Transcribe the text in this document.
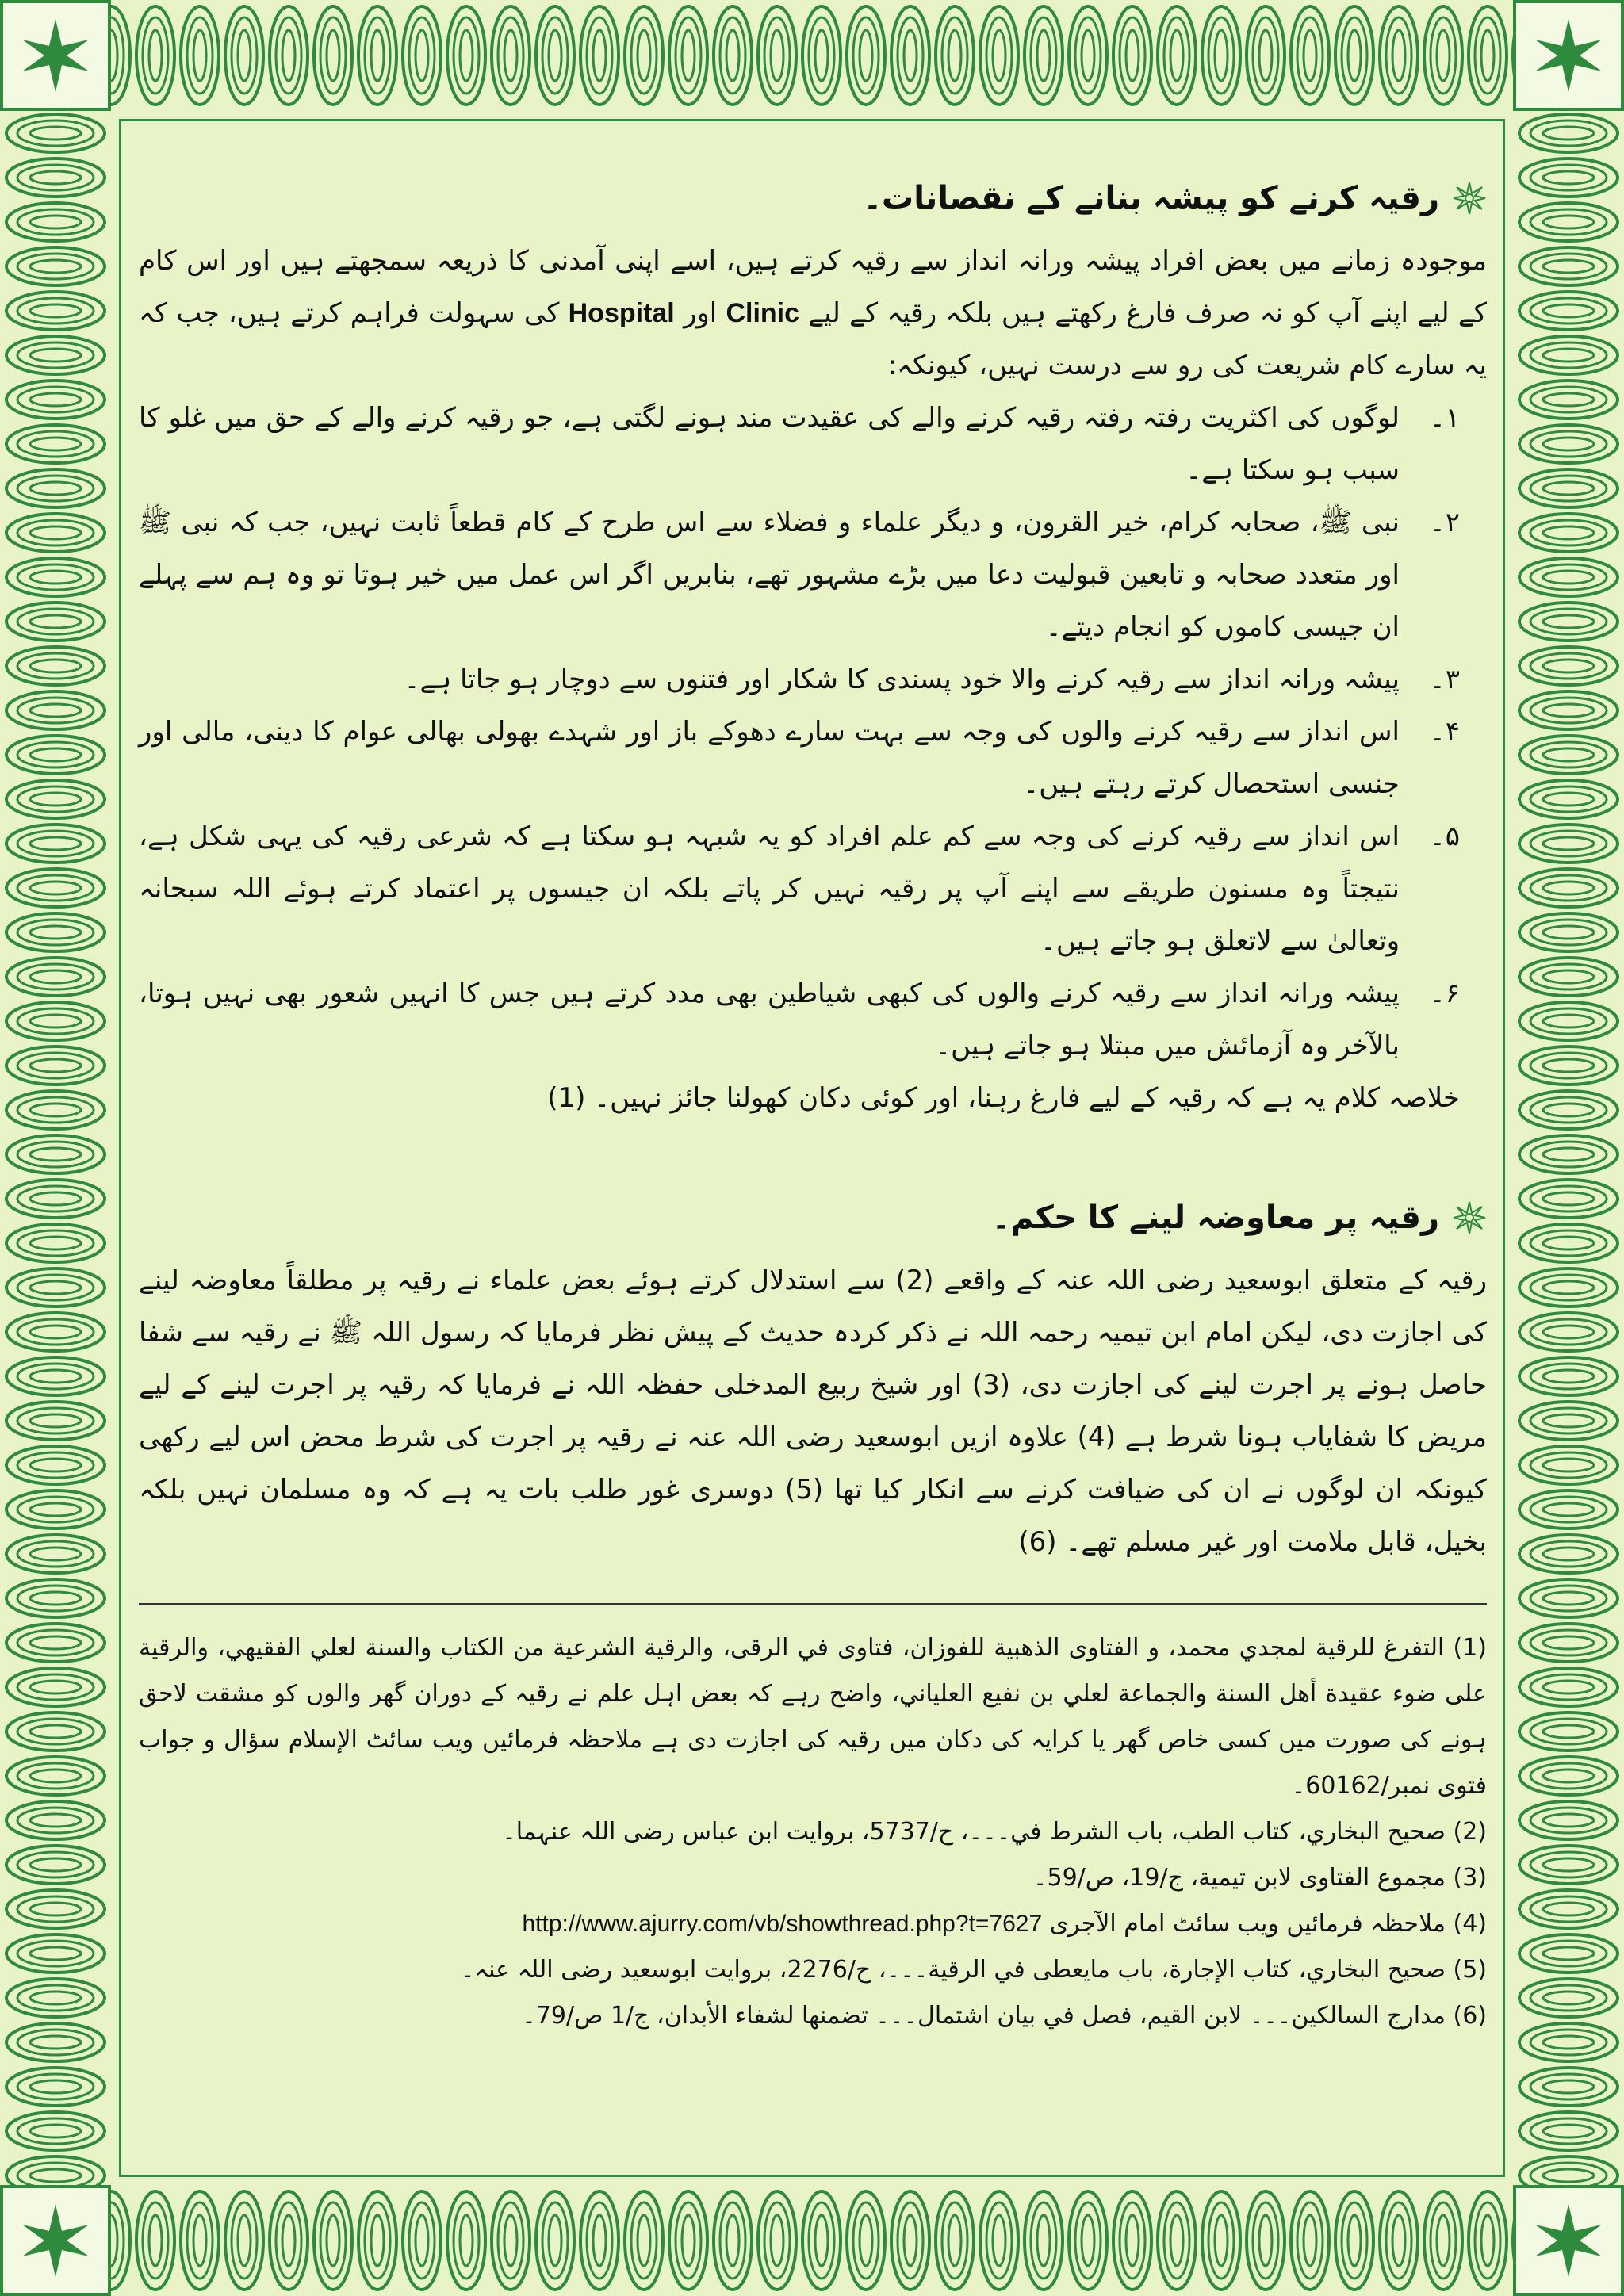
رقیہ کرنے کو پیشہ بنانے کے نقصانات۔

موجودہ زمانے میں بعض افراد پیشہ ورانہ انداز سے رقیہ کرتے ہیں، اسے اپنی آمدنی کا ذریعہ سمجھتے ہیں اور اس کام کے لیے اپنے آپ کو نہ صرف فارغ رکھتے ہیں بلکہ رقیہ کے لیے Clinic اور Hospital کی سہولت فراہم کرتے ہیں، جب کہ یہ سارے کام شریعت کی رو سے درست نہیں، کیونکہ:

۱۔
لوگوں کی اکثریت رفتہ رفتہ رقیہ کرنے والے کی عقیدت مند ہونے لگتی ہے، جو رقیہ کرنے والے کے حق میں غلو کا سبب ہو سکتا ہے۔
۲۔
نبی ﷺ، صحابہ کرام، خیر القرون، و دیگر علماء و فضلاء سے اس طرح کے کام قطعاً ثابت نہیں، جب کہ نبی ﷺ اور متعدد صحابہ و تابعین قبولیت دعا میں بڑے مشہور تھے، بنابریں اگر اس عمل میں خیر ہوتا تو وہ ہم سے پہلے ان جیسی کاموں کو انجام دیتے۔
۳۔
پیشہ ورانہ انداز سے رقیہ کرنے والا خود پسندی کا شکار اور فتنوں سے دوچار ہو جاتا ہے۔
۴۔
اس انداز سے رقیہ کرنے والوں کی وجہ سے بہت سارے دھوکے باز اور شہدے بھولی بھالی عوام کا دینی، مالی اور جنسی استحصال کرتے رہتے ہیں۔
۵۔
اس انداز سے رقیہ کرنے کی وجہ سے کم علم افراد کو یہ شبہہ ہو سکتا ہے کہ شرعی رقیہ کی یہی شکل ہے، نتیجتاً وہ مسنون طریقے سے اپنے آپ پر رقیہ نہیں کر پاتے بلکہ ان جیسوں پر اعتماد کرتے ہوئے اللہ سبحانہ وتعالیٰ سے لاتعلق ہو جاتے ہیں۔
۶۔
پیشہ ورانہ انداز سے رقیہ کرنے والوں کی کبھی شیاطین بھی مدد کرتے ہیں جس کا انہیں شعور بھی نہیں ہوتا، بالآخر وہ آزمائش میں مبتلا ہو جاتے ہیں۔

خلاصہ کلام یہ ہے کہ رقیہ کے لیے فارغ رہنا، اور کوئی دکان کھولنا جائز نہیں۔ (1)

رقیہ پر معاوضہ لینے کا حکم۔

رقیہ کے متعلق ابوسعید رضی اللہ عنہ کے واقعے (2) سے استدلال کرتے ہوئے بعض علماء نے رقیہ پر مطلقاً معاوضہ لینے کی اجازت دی، لیکن امام ابن تیمیہ رحمہ اللہ نے ذکر کردہ حدیث کے پیش نظر فرمایا کہ رسول اللہ ﷺ نے رقیہ سے شفا حاصل ہونے پر اجرت لینے کی اجازت دی، (3) اور شیخ ربیع المدخلی حفظہ اللہ نے فرمایا کہ رقیہ پر اجرت لینے کے لیے مریض کا شفایاب ہونا شرط ہے (4) علاوہ ازیں ابوسعید رضی اللہ عنہ نے رقیہ پر اجرت کی شرط محض اس لیے رکھی کیونکہ ان لوگوں نے ان کی ضیافت کرنے سے انکار کیا تھا (5) دوسری غور طلب بات یہ ہے کہ وہ مسلمان نہیں بلکہ بخیل، قابل ملامت اور غیر مسلم تھے۔ (6)

(1) التفرغ للرقية لمجدي محمد، و الفتاوى الذهبية للفوزان، فتاوى في الرقى، والرقية الشرعية من الكتاب والسنة لعلي الفقيهي، والرقية على ضوء عقيدة أهل السنة والجماعة لعلي بن نفيع العلياني، واضح رہے کہ بعض اہل علم نے رقیہ کے دوران گھر والوں کو مشقت لاحق ہونے کی صورت میں کسی خاص گھر یا کرایہ کی دکان میں رقیہ کی اجازت دی ہے ملاحظہ فرمائیں ویب سائٹ الإسلام سؤال و جواب فتوی نمبر/60162۔

(2) صحيح البخاري، كتاب الطب، باب الشرط في۔۔۔، ح/5737، بروایت ابن عباس رضی اللہ عنہما۔

(3) مجموع الفتاوى لابن تيمية، ج/19، ص/59۔

(4) ملاحظہ فرمائیں ویب سائٹ امام الآجری http://www.ajurry.com/vb/showthread.php?t=7627

(5) صحيح البخاري، كتاب الإجارة، باب مايعطى في الرقية۔۔۔، ح/2276، بروایت ابوسعید رضی اللہ عنہ۔

(6) مدارج السالكين۔۔۔ لابن القيم، فصل في بيان اشتمال۔۔۔ تضمنها لشفاء الأبدان، ج/1 ص/79۔
